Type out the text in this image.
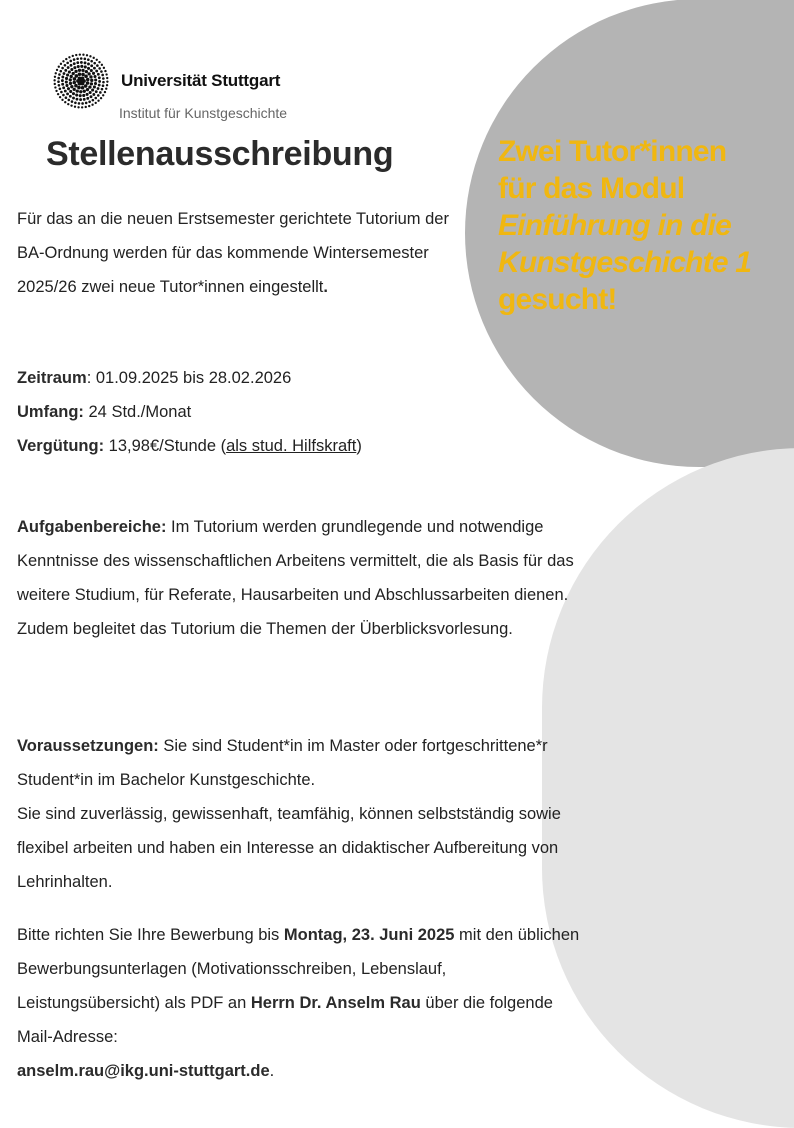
Universität Stuttgart
Institut für Kunstgeschichte
Stellenausschreibung	Zwei Tutor*innen
für das Modul
Einführung in die
Kunstgeschichte 1
gesucht!

Für das an die neuen Erstsemester gerichtete Tutorium der BA-Ordnung werden für das kommende Wintersemester 2025/26 zwei neue Tutor*innen eingestellt.

Zeitraum: 01.09.2025 bis 28.02.2026
Umfang: 24 Std./Monat
Vergütung: 13,98€/Stunde (als stud. Hilfskraft)

Aufgabenbereiche: Im Tutorium werden grundlegende und notwendige Kenntnisse des wissenschaftlichen Arbeitens vermittelt, die als Basis für das weitere Studium, für Referate, Hausarbeiten und Abschlussarbeiten dienen. Zudem begleitet das Tutorium die Themen der Überblicksvorlesung.

Voraussetzungen: Sie sind Student*in im Master oder fortgeschrittene*r Student*in im Bachelor Kunstgeschichte.
Sie sind zuverlässig, gewissenhaft, teamfähig, können selbstständig sowie flexibel arbeiten und haben ein Interesse an didaktischer Aufbereitung von Lehrinhalten.

Bitte richten Sie Ihre Bewerbung bis Montag, 23. Juni 2025 mit den üblichen Bewerbungsunterlagen (Motivationsschreiben, Lebenslauf, Leistungsübersicht) als PDF an Herrn Dr. Anselm Rau über die folgende Mail-Adresse:
anselm.rau@ikg.uni-stuttgart.de.
